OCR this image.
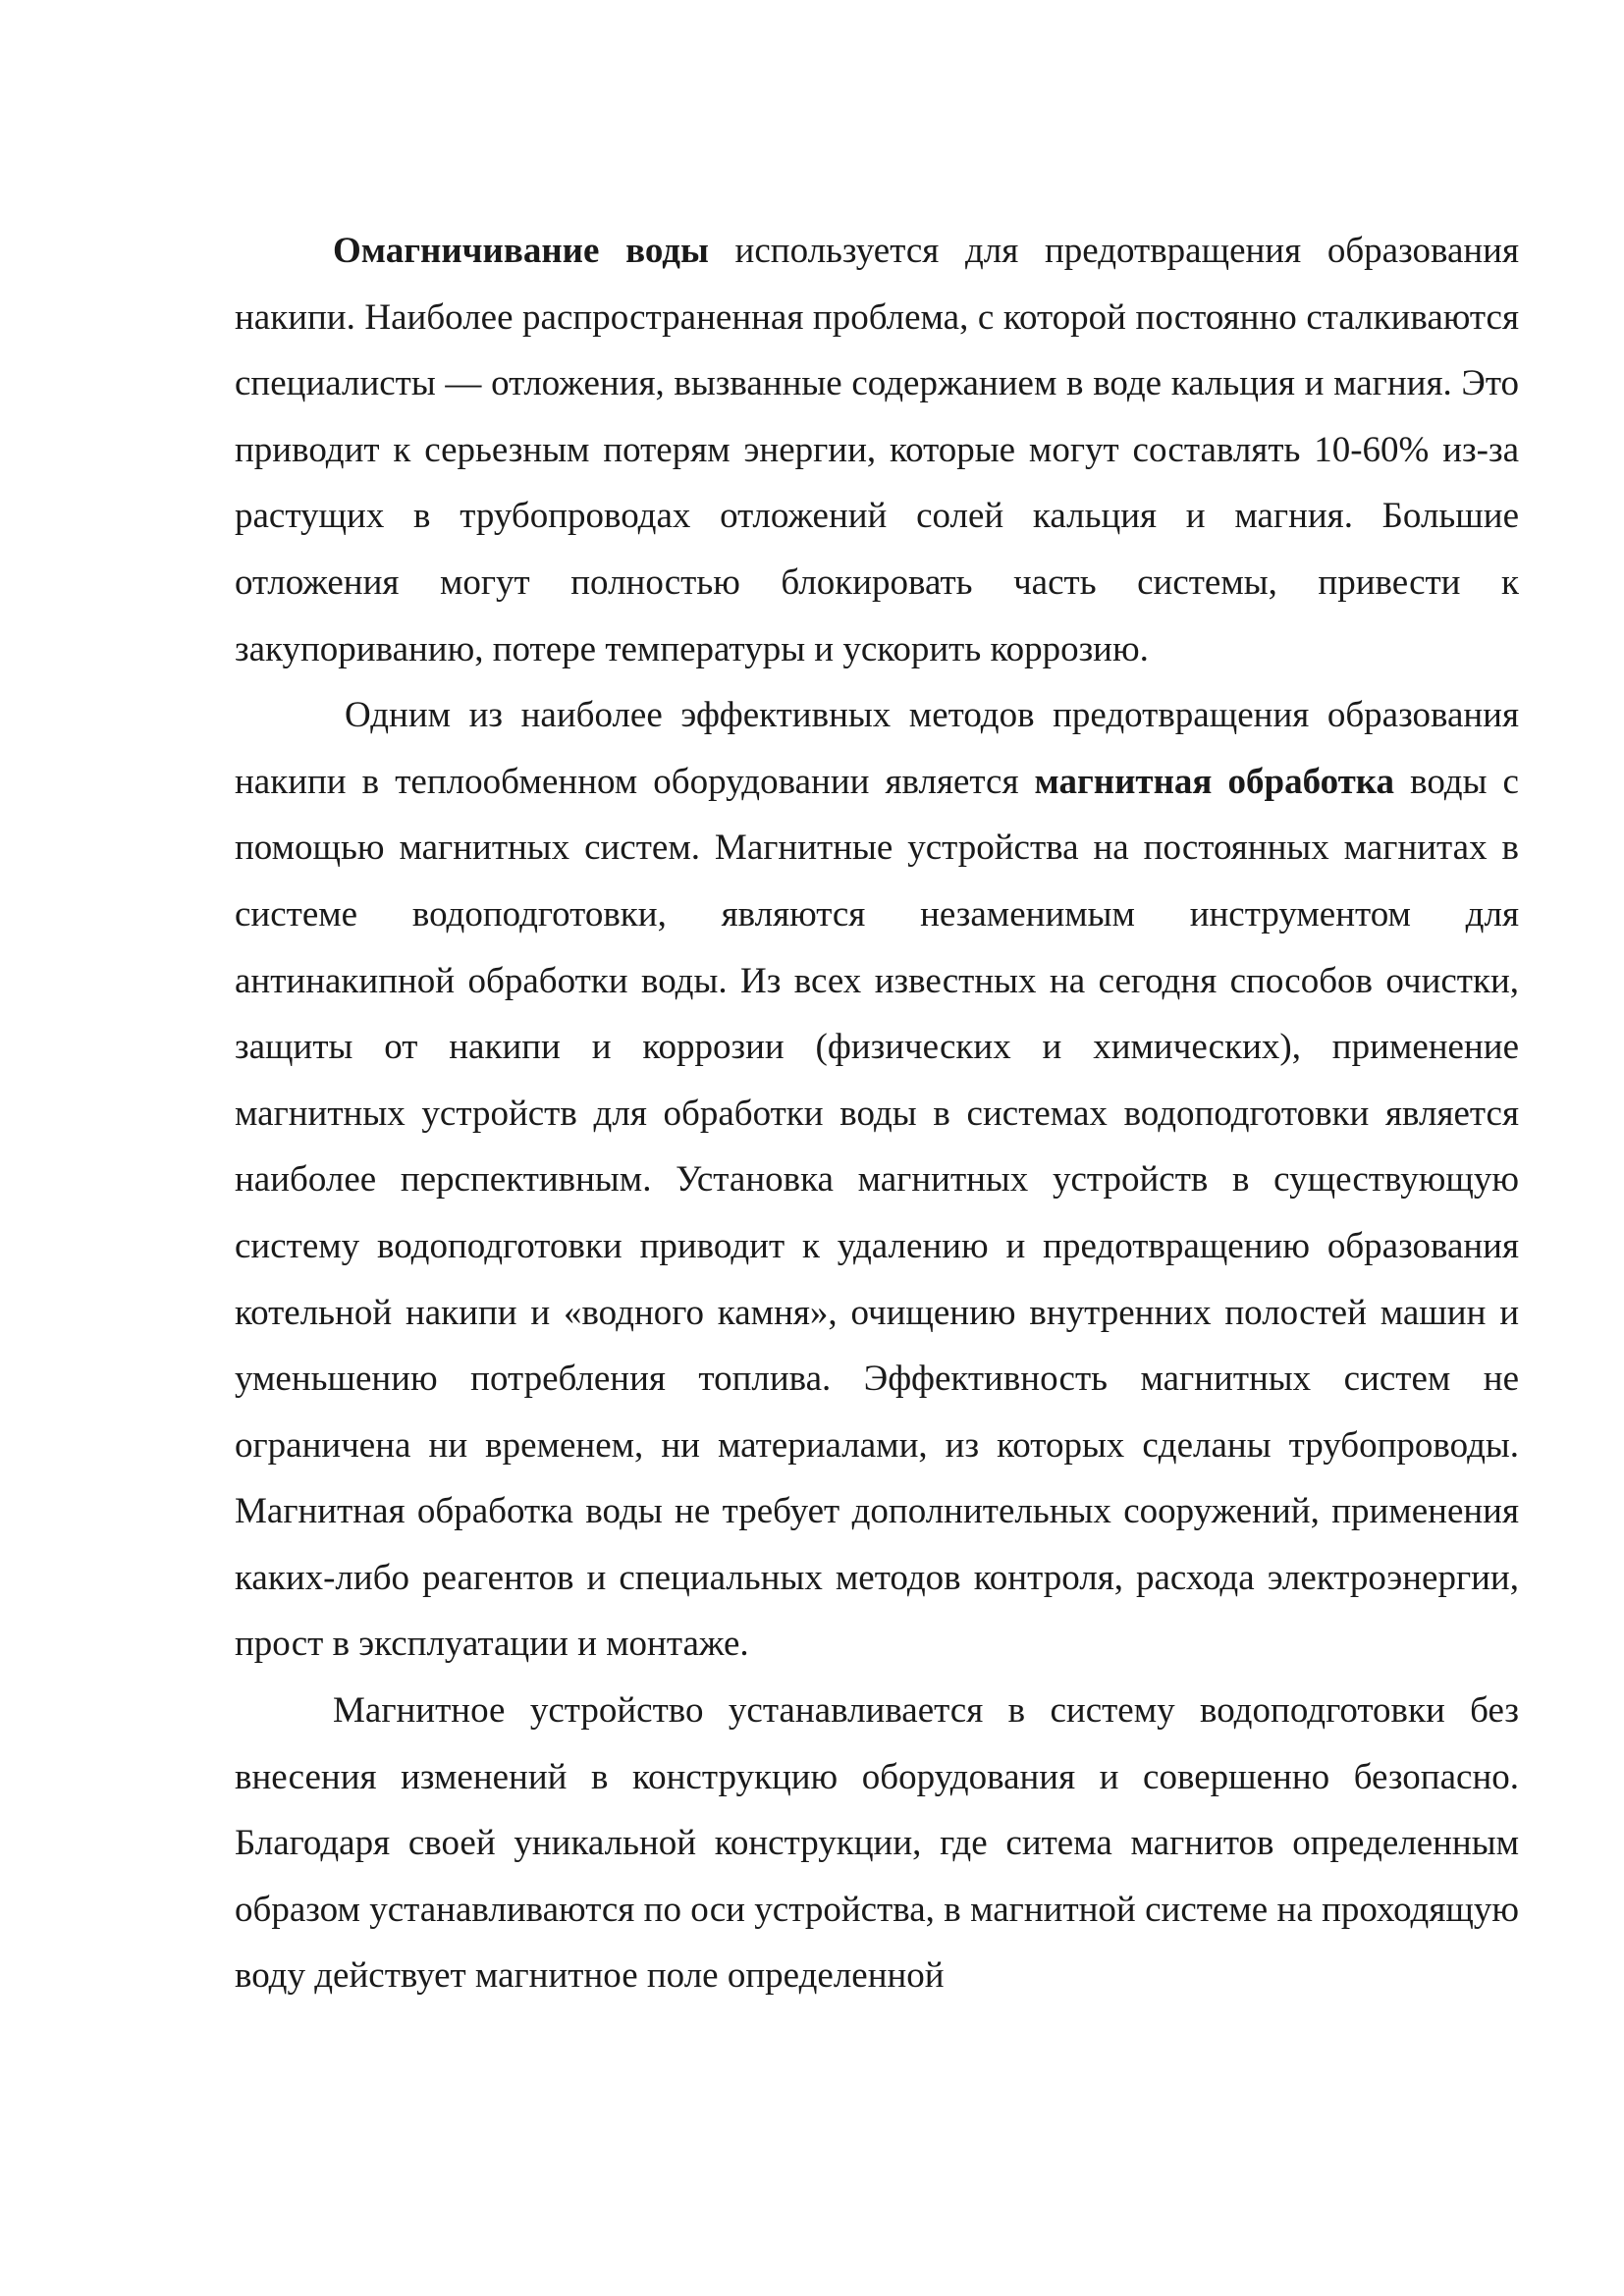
Омагничивание воды используется для предотвращения образования накипи. Наиболее распространенная проблема, с которой постоянно сталкиваются специалисты — отложения, вызванные содержанием в воде кальция и магния. Это приводит к серьезным потерям энергии, которые могут составлять 10-60% из-за растущих в трубопроводах отложений солей кальция и магния. Большие отложения могут полностью блокировать часть системы, привести к закупориванию, потере температуры и ускорить коррозию.

Одним из наиболее эффективных методов предотвращения образования накипи в теплообменном оборудовании является магнитная обработка воды с помощью магнитных систем. Магнитные устройства на постоянных магнитах в системе водоподготовки, являются незаменимым инструментом для антинакипной обработки воды. Из всех известных на сегодня способов очистки, защиты от накипи и коррозии (физических и химических), применение магнитных устройств для обработки воды в системах водоподготовки является наиболее перспективным. Установка магнитных устройств в существующую систему водоподготовки приводит к удалению и предотвращению образования котельной накипи и «водного камня», очищению внутренних полостей машин и уменьшению потребления топлива. Эффективность магнитных систем не ограничена ни временем, ни материалами, из которых сделаны трубопроводы. Магнитная обработка воды не требует дополнительных сооружений, применения каких-либо реагентов и специальных методов контроля, расхода электроэнергии, прост в эксплуатации и монтаже.

Магнитное устройство устанавливается в систему водоподготовки без внесения изменений в конструкцию оборудования и совершенно безопасно. Благодаря своей уникальной конструкции, где ситема магнитов определенным образом устанавливаются по оси устройства, в магнитной системе на проходящую воду действует магнитное поле определенной
